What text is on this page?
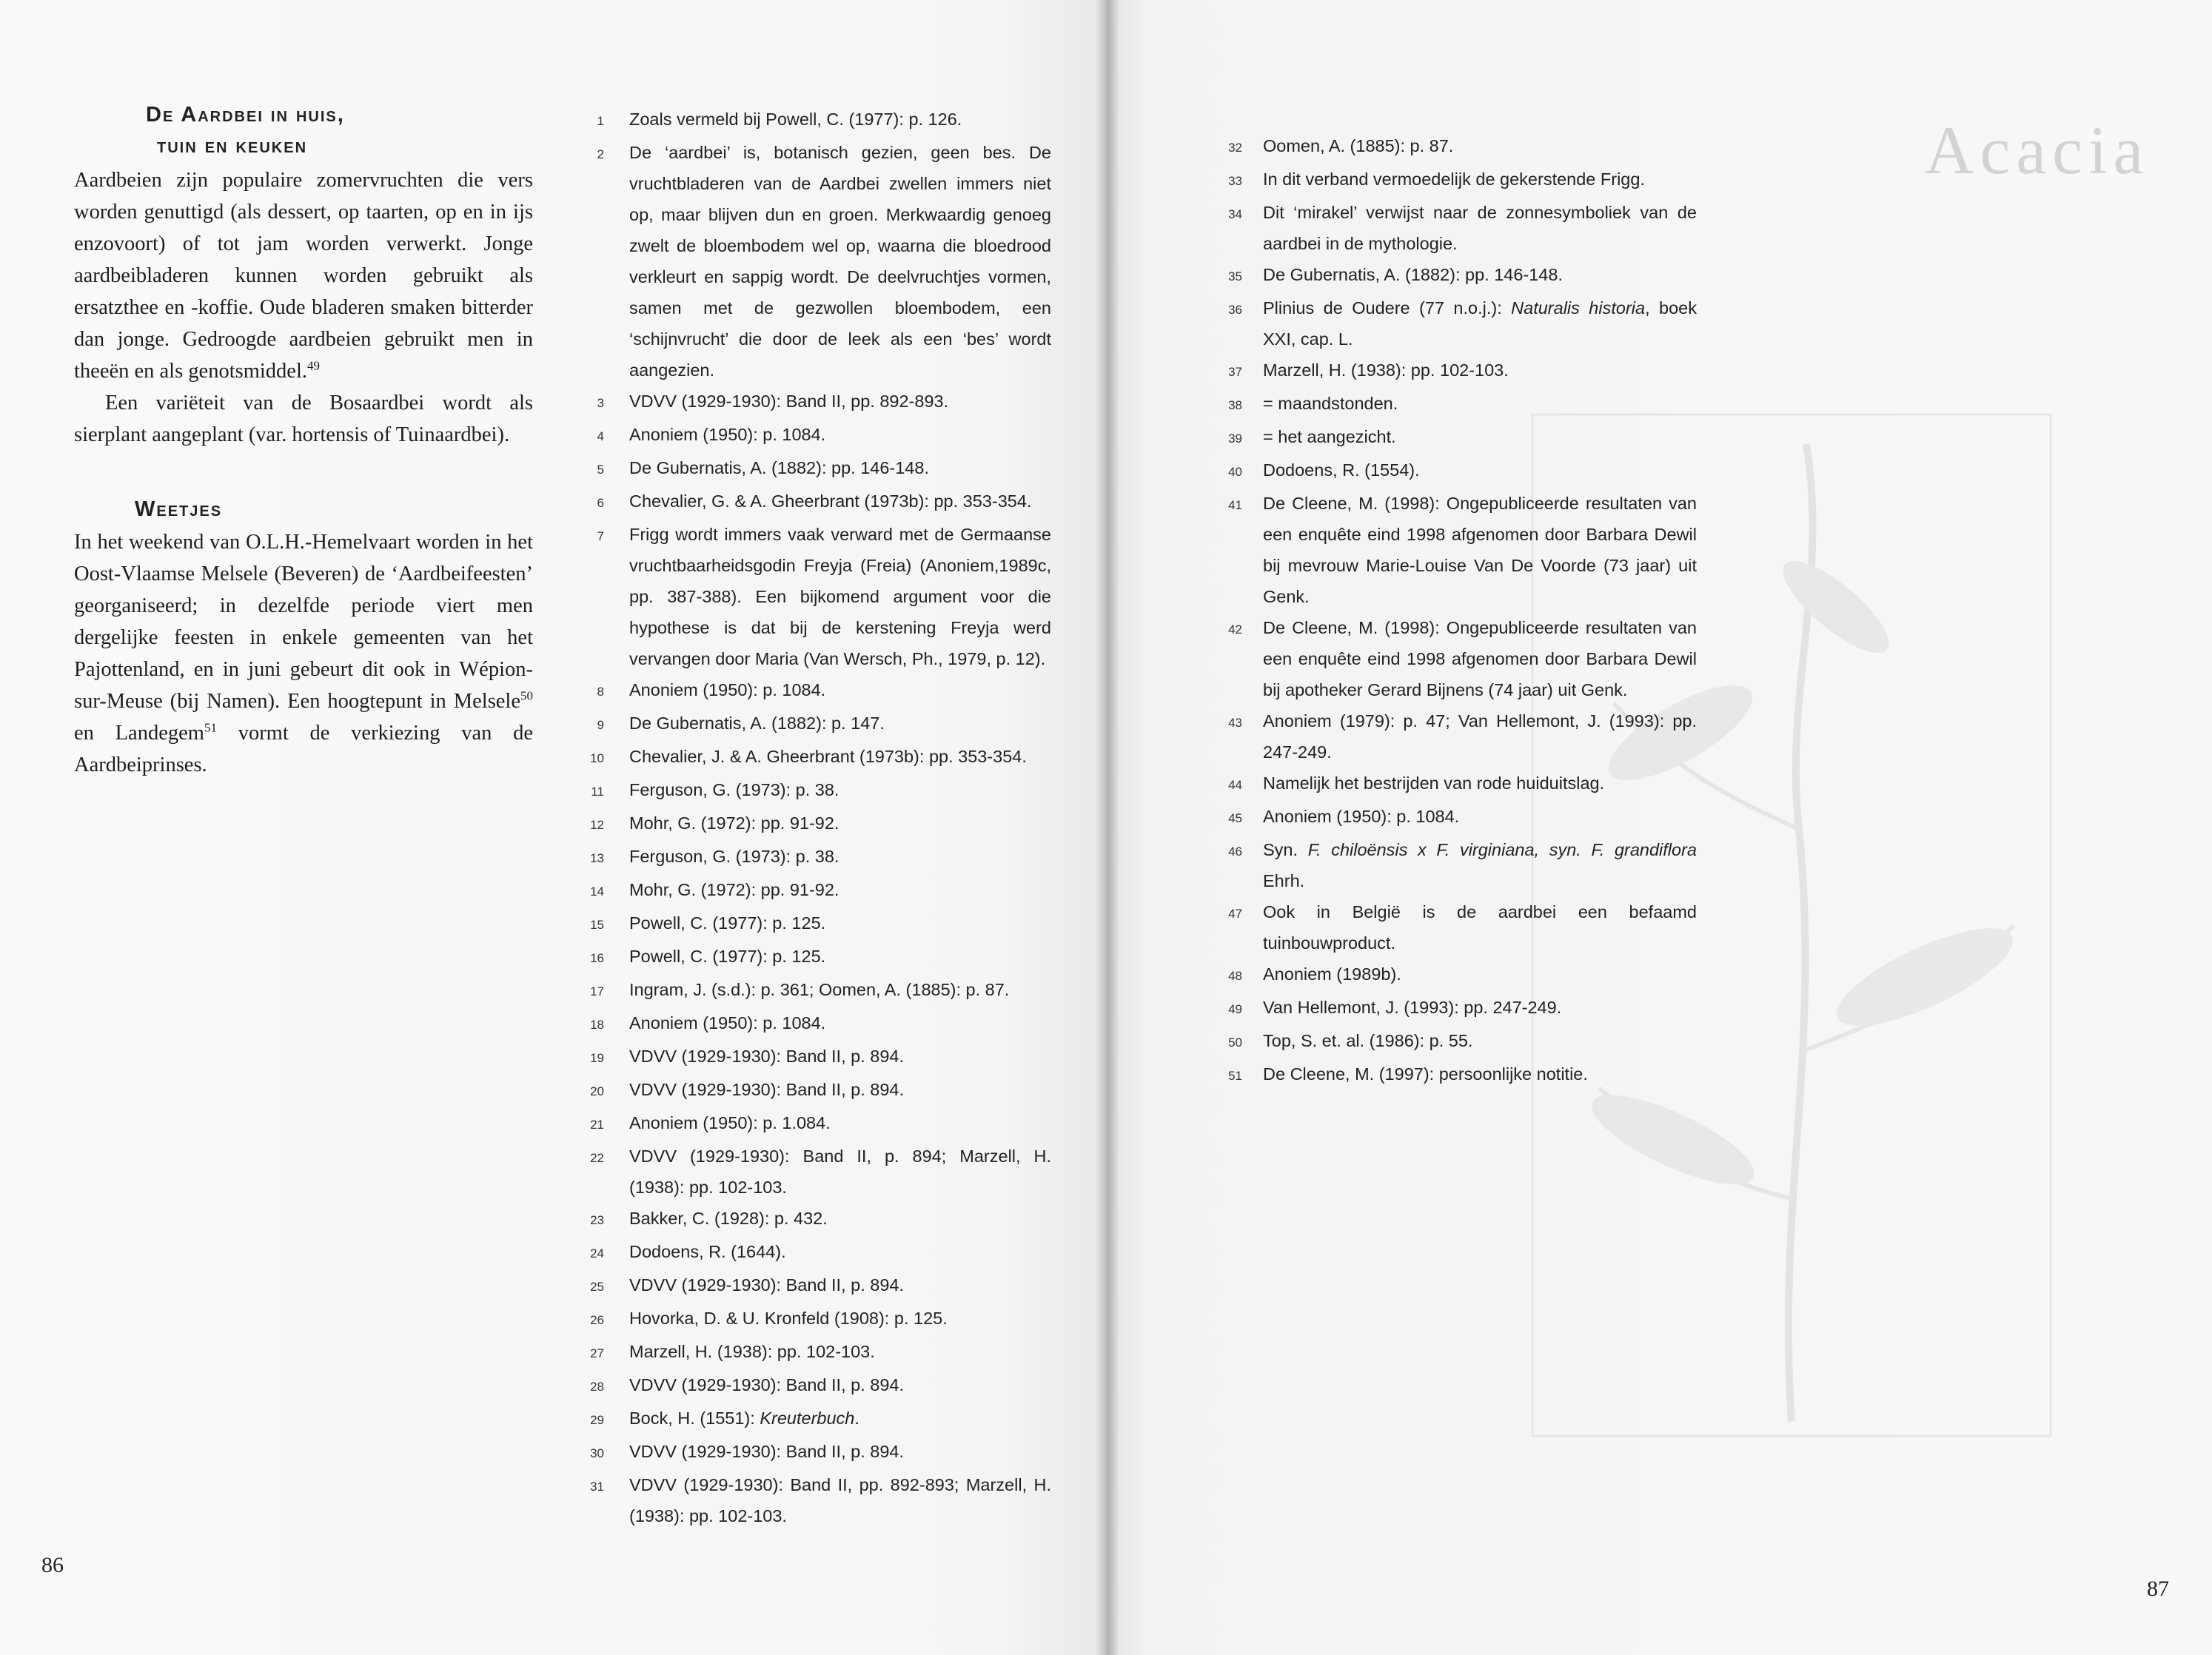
De Aardbei in huis,
tuin en keuken

Aardbeien zijn populaire zomervruchten die vers worden genuttigd (als dessert, op taarten, op en in ijs enzovoort) of tot jam worden verwerkt. Jonge aardbeibladeren kunnen worden gebruikt als ersatzthee en -koffie. Oude bladeren smaken bitterder dan jonge. Gedroogde aardbeien gebruikt men in theeën en als genotsmiddel.$^{49}$

Een variëteit van de Bosaardbei wordt als sierplant aangeplant (var. hortensis of Tuinaardbei).

Weetjes

In het weekend van O.L.H.-Hemelvaart worden in het Oost-Vlaamse Melsele (Beveren) de ‘Aardbeifeesten’ georganiseerd; in dezelfde periode viert men dergelijke feesten in enkele gemeenten van het Pajottenland, en in juni gebeurt dit ook in Wépion-sur-Meuse (bij Namen). Een hoogtepunt in Melsele$^{50}$ en Landegem$^{51}$ vormt de verkiezing van de Aardbeiprinses.

1	Zoals vermeld bij Powell, C. (1977): p. 126.
2	De ‘aardbei’ is, botanisch gezien, geen bes. De vruchtbladeren van de Aardbei zwellen immers niet op, maar blijven dun en groen. Merkwaardig genoeg zwelt de bloembodem wel op, waarna die bloedrood verkleurt en sappig wordt. De deelvruchtjes vormen, samen met de gezwollen bloembodem, een ‘schijnvrucht’ die door de leek als een ‘bes’ wordt aangezien.
3	VDVV (1929-1930): Band II, pp. 892-893.
4	Anoniem (1950): p. 1084.
5	De Gubernatis, A. (1882): pp. 146-148.
6	Chevalier, G. & A. Gheerbrant (1973b): pp. 353-354.
7	Frigg wordt immers vaak verward met de Germaanse vruchtbaarheidsgodin Freyja (Freia) (Anoniem,1989c, pp. 387-388). Een bijkomend argument voor die hypothese is dat bij de kerstening Freyja werd vervangen door Maria (Van Wersch, Ph., 1979, p. 12).
8	Anoniem (1950): p. 1084.
9	De Gubernatis, A. (1882): p. 147.
10	Chevalier, J. & A. Gheerbrant (1973b): pp. 353-354.
11	Ferguson, G. (1973): p. 38.
12	Mohr, G. (1972): pp. 91-92.
13	Ferguson, G. (1973): p. 38.
14	Mohr, G. (1972): pp. 91-92.
15	Powell, C. (1977): p. 125.
16	Powell, C. (1977): p. 125.
17	Ingram, J. (s.d.): p. 361; Oomen, A. (1885): p. 87.
18	Anoniem (1950): p. 1084.
19	VDVV (1929-1930): Band II, p. 894.
20	VDVV (1929-1930): Band II, p. 894.
21	Anoniem (1950): p. 1.084.
22	VDVV (1929-1930): Band II, p. 894; Marzell, H. (1938): pp. 102-103.
23	Bakker, C. (1928): p. 432.
24	Dodoens, R. (1644).
25	VDVV (1929-1930): Band II, p. 894.
26	Hovorka, D. & U. Kronfeld (1908): p. 125.
27	Marzell, H. (1938): pp. 102-103.
28	VDVV (1929-1930): Band II, p. 894.
29	Bock, H. (1551): Kreuterbuch.
30	VDVV (1929-1930): Band II, p. 894.
31	VDVV (1929-1930): Band II, pp. 892-893; Marzell, H. (1938): pp. 102-103.
86
Acacia
32	Oomen, A. (1885): p. 87.
33	In dit verband vermoedelijk de gekerstende Frigg.
34	Dit ‘mirakel’ verwijst naar de zonnesymboliek van de aardbei in de mythologie.
35	De Gubernatis, A. (1882): pp. 146-148.
36	Plinius de Oudere (77 n.o.j.): Naturalis historia, boek XXI, cap. L.
37	Marzell, H. (1938): pp. 102-103.
38	= maandstonden.
39	= het aangezicht.
40	Dodoens, R. (1554).
41	De Cleene, M. (1998): Ongepubliceerde resultaten van een enquête eind 1998 afgenomen door Barbara Dewil bij mevrouw Marie-Louise Van De Voorde (73 jaar) uit Genk.
42	De Cleene, M. (1998): Ongepubliceerde resultaten van een enquête eind 1998 afgenomen door Barbara Dewil bij apotheker Gerard Bijnens (74 jaar) uit Genk.
43	Anoniem (1979): p. 47; Van Hellemont, J. (1993): pp. 247-249.
44	Namelijk het bestrijden van rode huiduitslag.
45	Anoniem (1950): p. 1084.
46	Syn. F. chiloënsis x F. virginiana, syn. F. grandiflora Ehrh.
47	Ook in België is de aardbei een befaamd tuinbouwproduct.
48	Anoniem (1989b).
49	Van Hellemont, J. (1993): pp. 247-249.
50	Top, S. et. al. (1986): p. 55.
51	De Cleene, M. (1997): persoonlijke notitie.
87
